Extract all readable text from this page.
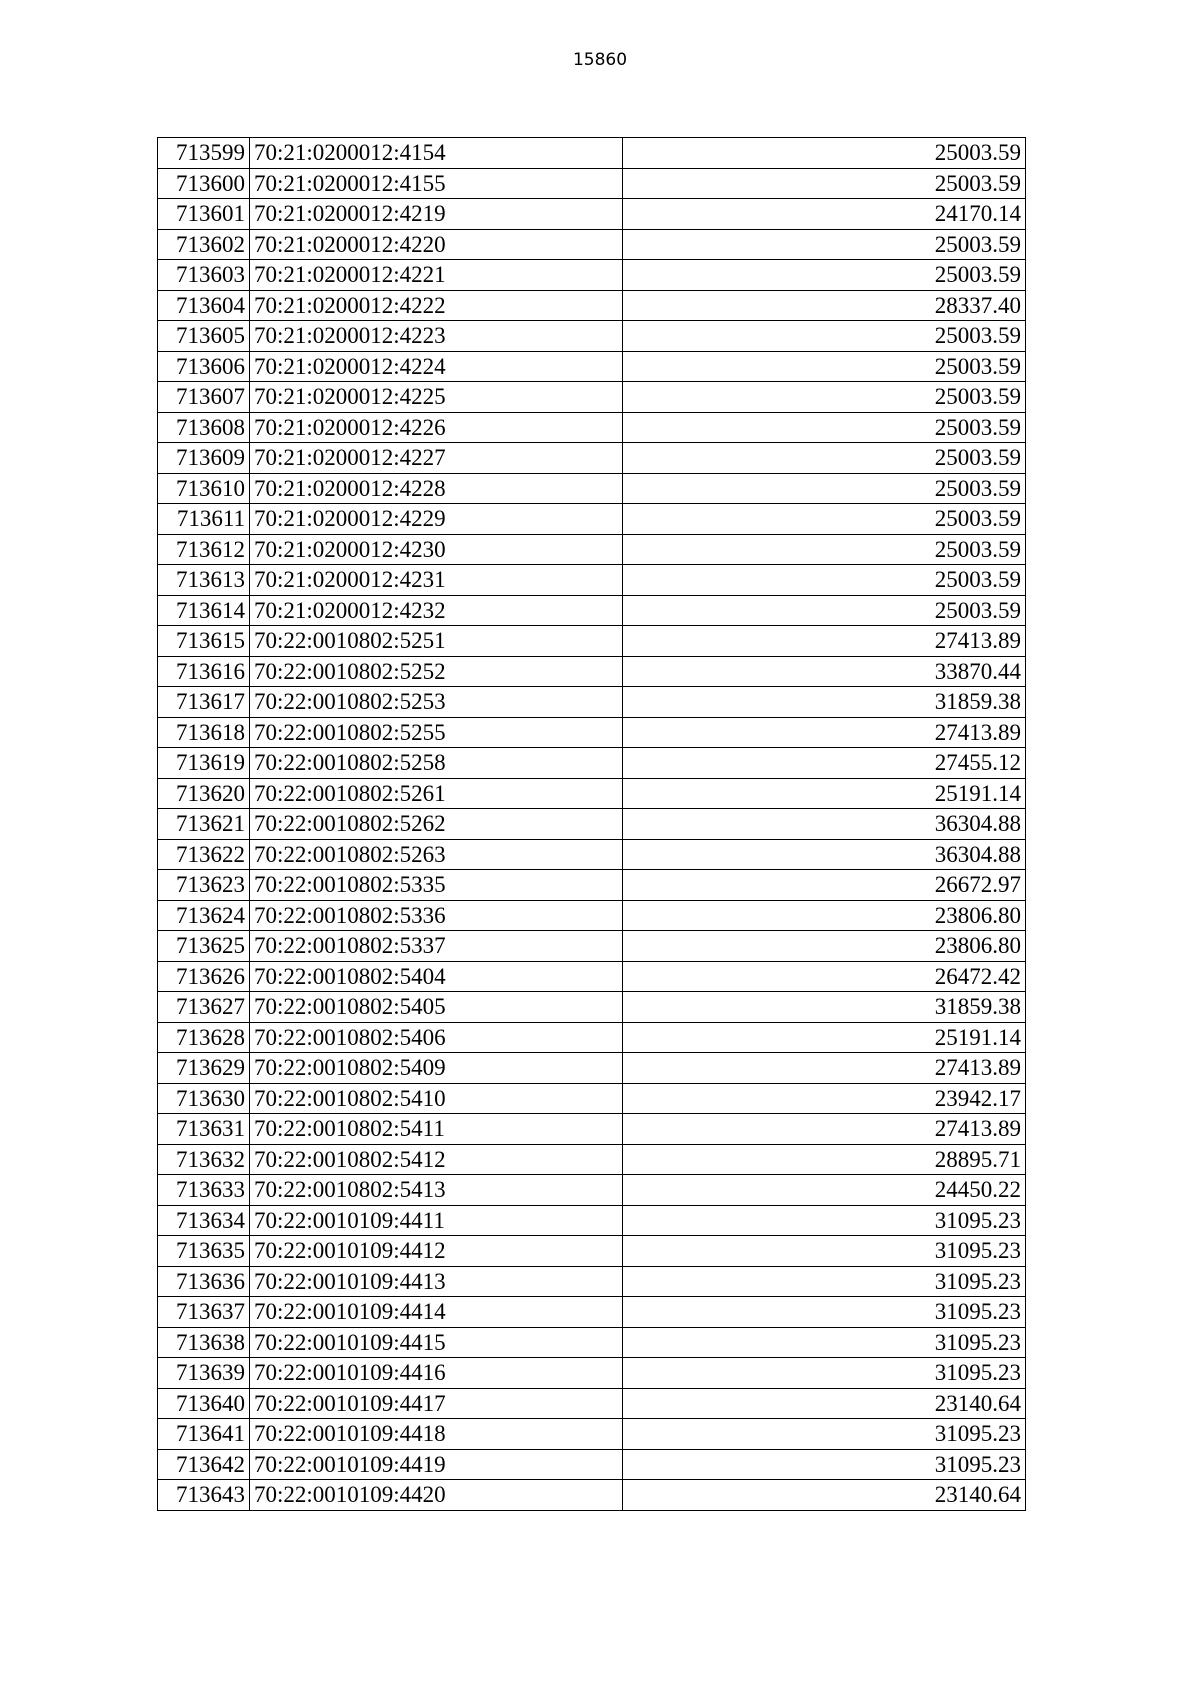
15860
713599	70:21:0200012:4154	25003.59
713600	70:21:0200012:4155	25003.59
713601	70:21:0200012:4219	24170.14
713602	70:21:0200012:4220	25003.59
713603	70:21:0200012:4221	25003.59
713604	70:21:0200012:4222	28337.40
713605	70:21:0200012:4223	25003.59
713606	70:21:0200012:4224	25003.59
713607	70:21:0200012:4225	25003.59
713608	70:21:0200012:4226	25003.59
713609	70:21:0200012:4227	25003.59
713610	70:21:0200012:4228	25003.59
713611	70:21:0200012:4229	25003.59
713612	70:21:0200012:4230	25003.59
713613	70:21:0200012:4231	25003.59
713614	70:21:0200012:4232	25003.59
713615	70:22:0010802:5251	27413.89
713616	70:22:0010802:5252	33870.44
713617	70:22:0010802:5253	31859.38
713618	70:22:0010802:5255	27413.89
713619	70:22:0010802:5258	27455.12
713620	70:22:0010802:5261	25191.14
713621	70:22:0010802:5262	36304.88
713622	70:22:0010802:5263	36304.88
713623	70:22:0010802:5335	26672.97
713624	70:22:0010802:5336	23806.80
713625	70:22:0010802:5337	23806.80
713626	70:22:0010802:5404	26472.42
713627	70:22:0010802:5405	31859.38
713628	70:22:0010802:5406	25191.14
713629	70:22:0010802:5409	27413.89
713630	70:22:0010802:5410	23942.17
713631	70:22:0010802:5411	27413.89
713632	70:22:0010802:5412	28895.71
713633	70:22:0010802:5413	24450.22
713634	70:22:0010109:4411	31095.23
713635	70:22:0010109:4412	31095.23
713636	70:22:0010109:4413	31095.23
713637	70:22:0010109:4414	31095.23
713638	70:22:0010109:4415	31095.23
713639	70:22:0010109:4416	31095.23
713640	70:22:0010109:4417	23140.64
713641	70:22:0010109:4418	31095.23
713642	70:22:0010109:4419	31095.23
713643	70:22:0010109:4420	23140.64
